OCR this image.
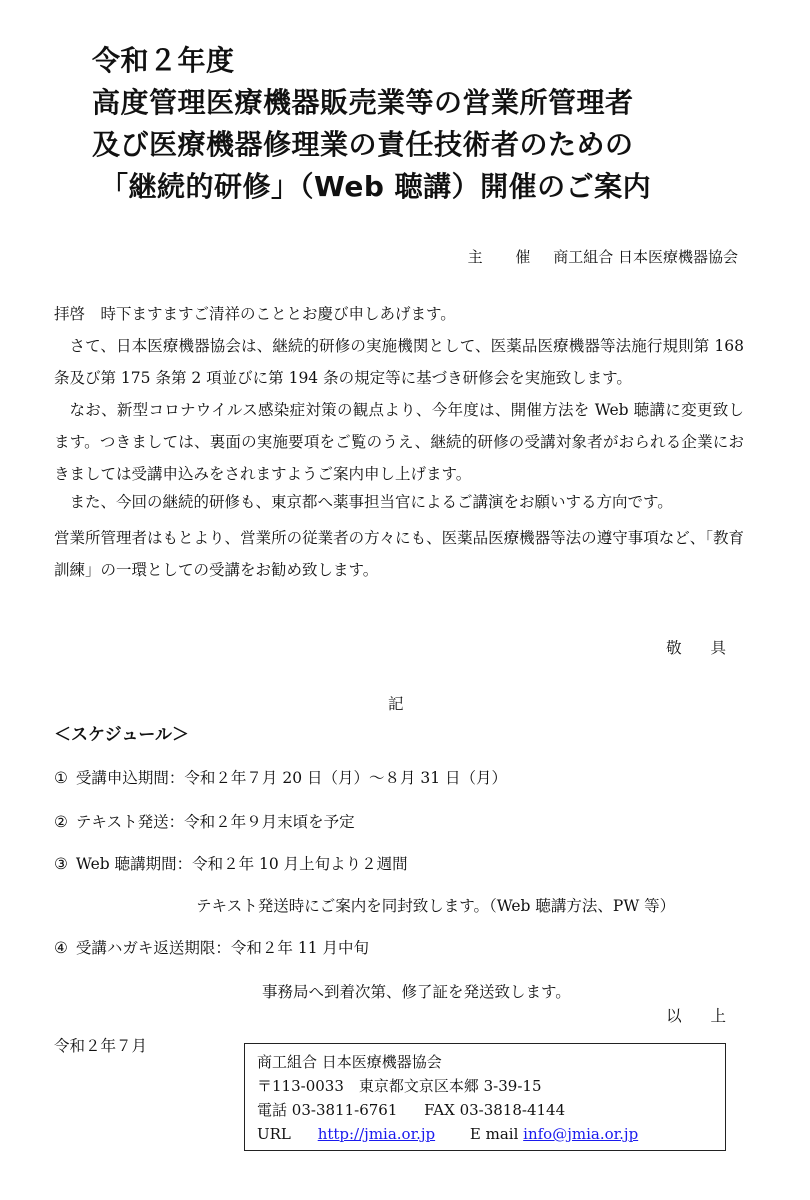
令和２年度
高度管理医療機器販売業等の営業所管理者
及び医療機器修理業の責任技術者のための
「継続的研修」（Web 聴講）開催のご案内
主 催 商工組合 日本医療機器協会

拝啓　時下ますますご清祥のこととお慶び申しあげます。

さて、日本医療機器協会は、継続的研修の実施機関として、医薬品医療機器等法施行規則第 168 条及び第 175 条第 2 項並びに第 194 条の規定等に基づき研修会を実施致します。

なお、新型コロナウイルス感染症対策の観点より、今年度は、開催方法を Web 聴講に変更致します。つきましては、裏面の実施要項をご覧のうえ、継続的研修の受講対象者がおられる企業におきましては受講申込みをされますようご案内申し上げます。

また、今回の継続的研修も、東京都へ薬事担当官によるご講演をお願いする方向です。

営業所管理者はもとより、営業所の従業者の方々にも、医薬品医療機器等法の遵守事項など、「教育訓練」の一環としての受講をお勧め致します。

敬 具
記
＜スケジュール＞
① 受講申込期間：令和２年７月 20 日（月）～８月 31 日（月）
② テキスト発送：令和２年９月末頃を予定
③ Web 聴講期間：令和２年 10 月上旬より２週間
テキスト発送時にご案内を同封致します。（Web 聴講方法、PW 等）
④ 受講ハガキ返送期限：令和２年 11 月中旬
事務局へ到着次第、修了証を発送致します。
以 上
令和２年７月
商工組合 日本医療機器協会
〒113-0033　東京都文京区本郷 3-39-15
電話 03-3811-6761 FAX 03-3818-4144
URL http://jmia.or.jp E mail info@jmia.or.jp
